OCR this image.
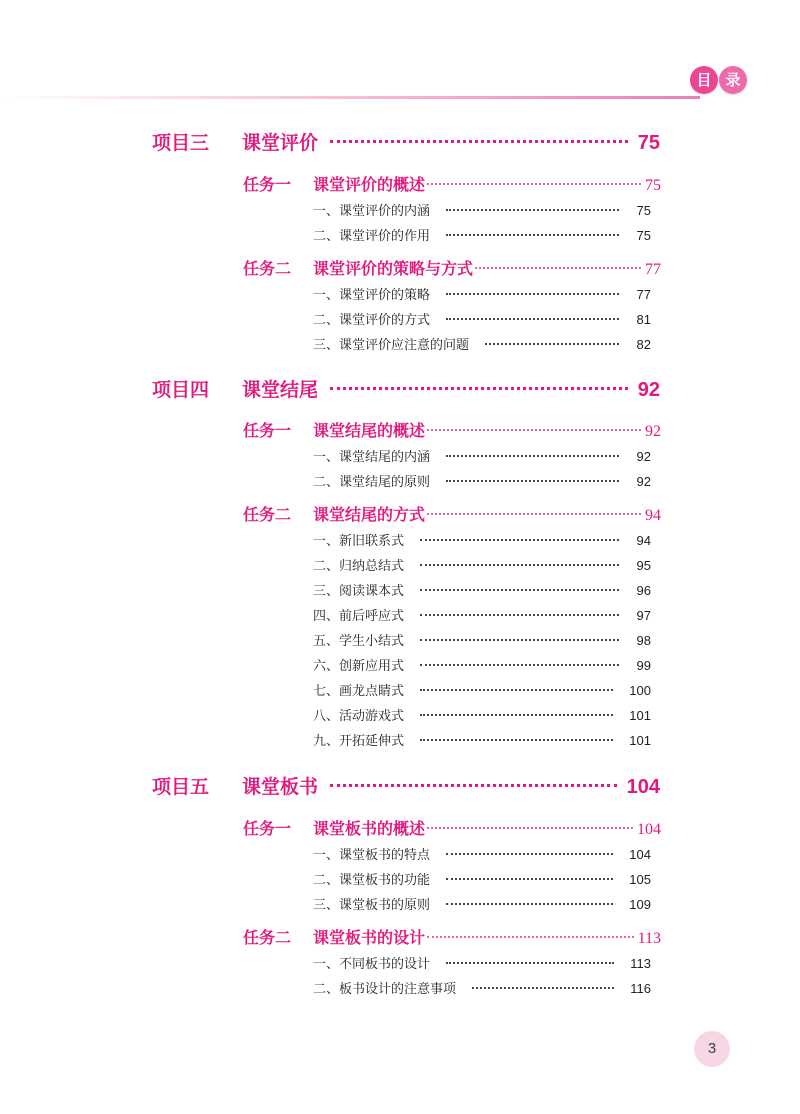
目 录
项目三	课堂评价	75
任务一	课堂评价的概述	75
一、课堂评价的内涵	75
二、课堂评价的作用	75
任务二	课堂评价的策略与方式	77
一、课堂评价的策略	77
二、课堂评价的方式	81
三、课堂评价应注意的问题	82
项目四	课堂结尾	92
任务一	课堂结尾的概述	92
一、课堂结尾的内涵	92
二、课堂结尾的原则	92
任务二	课堂结尾的方式	94
一、新旧联系式	94
二、归纳总结式	95
三、阅读课本式	96
四、前后呼应式	97
五、学生小结式	98
六、创新应用式	99
七、画龙点睛式	100
八、活动游戏式	101
九、开拓延伸式	101
项目五	课堂板书	104
任务一	课堂板书的概述	104
一、课堂板书的特点	104
二、课堂板书的功能	105
三、课堂板书的原则	109
任务二	课堂板书的设计	113
一、不同板书的设计	113
二、板书设计的注意事项	116
3
